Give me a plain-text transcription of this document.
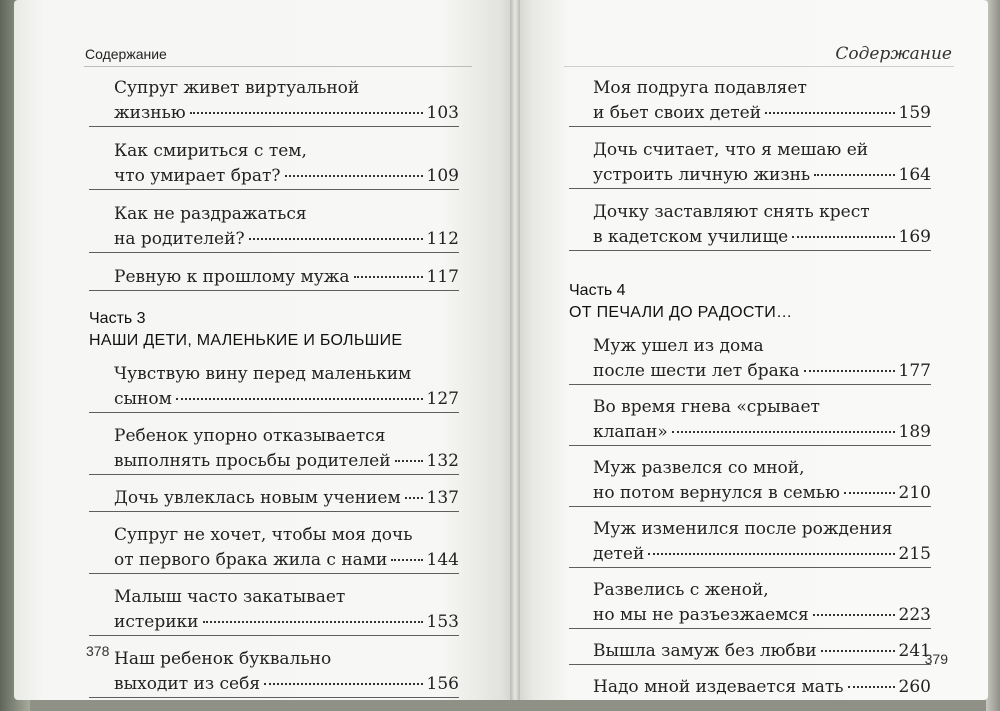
Содержание

Супруг живет виртуальной
жизнью	103
Как смириться с тем,
что умирает брат?	109
Как не раздражаться
на родителей?	112
Ревную к прошлому мужа	117
Часть 3
НАШИ ДЕТИ, МАЛЕНЬКИЕ И БОЛЬШИЕ
Чувствую вину перед маленьким
сыном	127
Ребенок упорно отказывается
выполнять просьбы родителей 132
Дочь увлеклась новым учением 137
Супруг не хочет, чтобы моя дочь
от первого брака жила с нами 144
Малыш часто закатывает
истерики	153
Наш ребенок буквально
выходит из себя	156

378

Содержание

Моя подруга подавляет
и бьет своих детей	159
Дочь считает, что я мешаю ей
устроить личную жизнь	164
Дочку заставляют снять крест
в кадетском училище	169
Часть 4
ОТ ПЕЧАЛИ ДО РАДОСТИ…
Муж ушел из дома
после шести лет брака	177
Во время гнева «срывает
клапан»	189
Муж развелся со мной,
но потом вернулся в семью	210
Муж изменился после рождения
детей	215
Развелись с женой,
но мы не разъезжаемся	223
Вышла замуж без любви	241
Надо мной издевается мать	260

379
